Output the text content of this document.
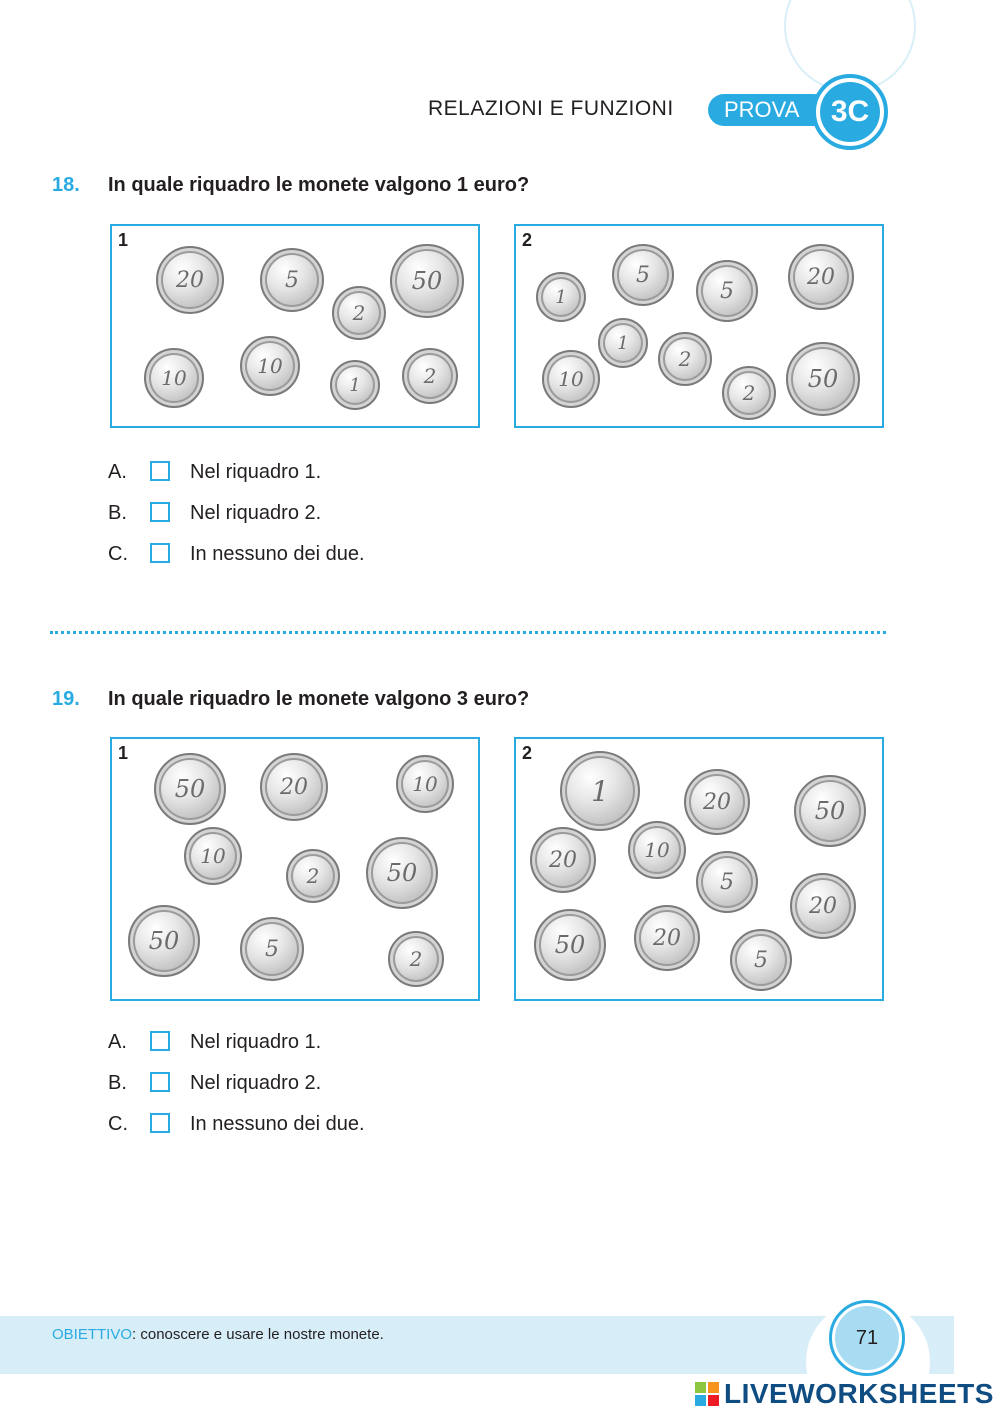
RELAZIONI E FUNZIONI	PROVA	3C
18. In quale riquadro le monete valgono 1 euro?
1
20	5
2
50
10	10
1	2
2
1
5
5
20
10
1
2
2	50
A.	Nel riquadro 1.
B.	Nel riquadro 2.
C.	In nessuno dei due.
19. In quale riquadro le monete valgono 3 euro?
1
50	20	10
10
2	50
50	5	2
2
1	20	50
20	10
5
20
50	20
5
A.	Nel riquadro 1.
B.	Nel riquadro 2.
C.	In nessuno dei due.
OBIETTIVO: conoscere e usare le nostre monete.	71
LIVEWORKSHEETS
